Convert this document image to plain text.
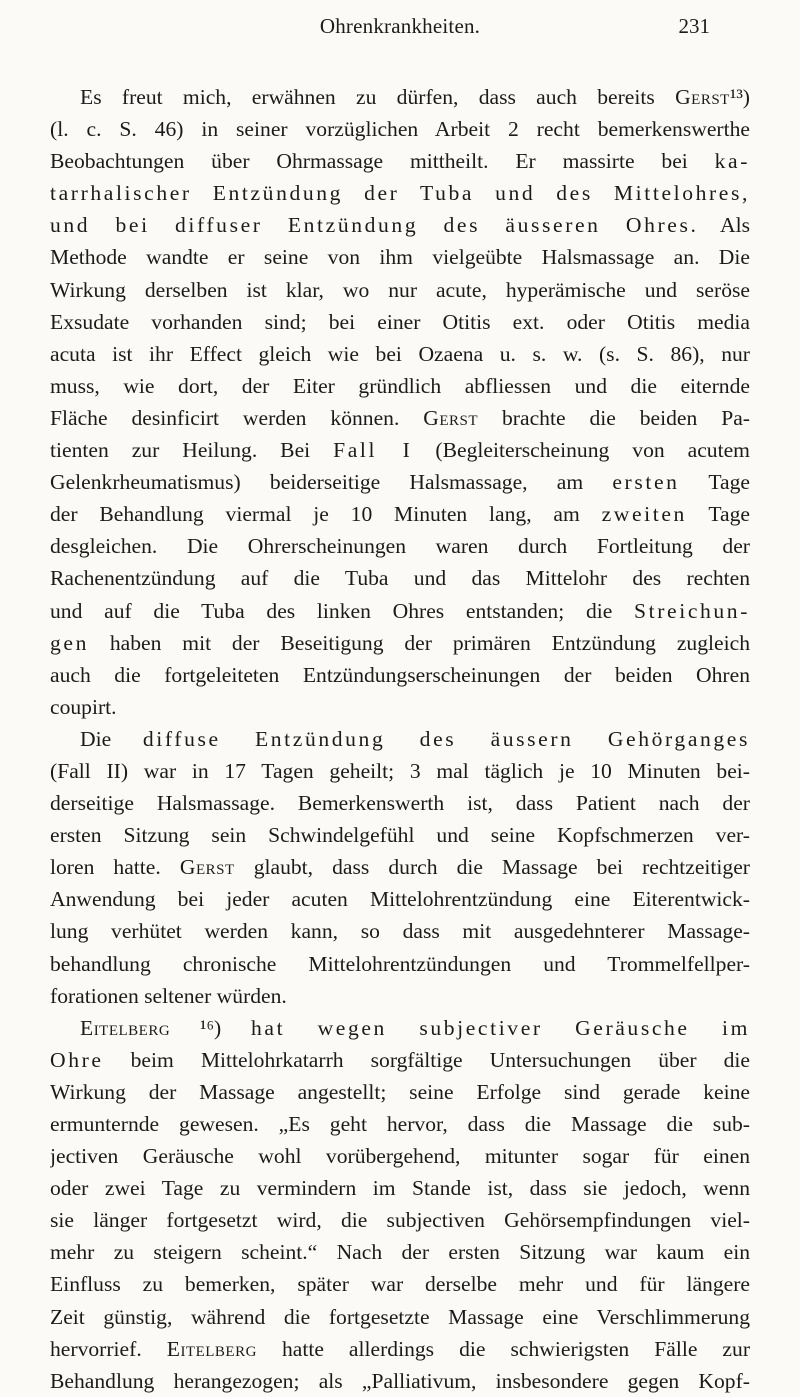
Ohrenkrankheiten.	231
Es freut mich, erwähnen zu dürfen, dass auch bereits Gerst¹³)
(l. c. S. 46) in seiner vorzüglichen Arbeit 2 recht bemerkenswerthe
Beobachtungen über Ohrmassage mittheilt. Er massirte bei ka-
tarrhalischer Entzündung der Tuba und des Mittelohres,
und bei diffuser Entzündung des äusseren Ohres. Als
Methode wandte er seine von ihm vielgeübte Halsmassage an. Die
Wirkung derselben ist klar, wo nur acute, hyperämische und seröse
Exsudate vorhanden sind; bei einer Otitis ext. oder Otitis media
acuta ist ihr Effect gleich wie bei Ozaena u. s. w. (s. S. 86), nur
muss, wie dort, der Eiter gründlich abfliessen und die eiternde
Fläche desinficirt werden können. Gerst brachte die beiden Pa-
tienten zur Heilung. Bei Fall I (Begleiterscheinung von acutem
Gelenkrheumatismus) beiderseitige Halsmassage, am ersten Tage
der Behandlung viermal je 10 Minuten lang, am zweiten Tage
desgleichen. Die Ohrerscheinungen waren durch Fortleitung der
Rachenentzündung auf die Tuba und das Mittelohr des rechten
und auf die Tuba des linken Ohres entstanden; die Streichun-
gen haben mit der Beseitigung der primären Entzündung zugleich
auch die fortgeleiteten Entzündungserscheinungen der beiden Ohren
coupirt.
Die diffuse Entzündung des äussern Gehörganges
(Fall II) war in 17 Tagen geheilt; 3 mal täglich je 10 Minuten bei-
derseitige Halsmassage. Bemerkenswerth ist, dass Patient nach der
ersten Sitzung sein Schwindelgefühl und seine Kopfschmerzen ver-
loren hatte. Gerst glaubt, dass durch die Massage bei rechtzeitiger
Anwendung bei jeder acuten Mittelohrentzündung eine Eiterentwick-
lung verhütet werden kann, so dass mit ausgedehnterer Massage-
behandlung chronische Mittelohrentzündungen und Trommelfellper-
forationen seltener würden.
Eitelberg ¹⁶) hat wegen subjectiver Geräusche im
Ohre beim Mittelohrkatarrh sorgfältige Untersuchungen über die
Wirkung der Massage angestellt; seine Erfolge sind gerade keine
ermunternde gewesen. „Es geht hervor, dass die Massage die sub-
jectiven Geräusche wohl vorübergehend, mitunter sogar für einen
oder zwei Tage zu vermindern im Stande ist, dass sie jedoch, wenn
sie länger fortgesetzt wird, die subjectiven Gehörsempfindungen viel-
mehr zu steigern scheint.“ Nach der ersten Sitzung war kaum ein
Einfluss zu bemerken, später war derselbe mehr und für längere
Zeit günstig, während die fortgesetzte Massage eine Verschlimmerung
hervorrief. Eitelberg hatte allerdings die schwierigsten Fälle zur
Behandlung herangezogen; als „Palliativum, insbesondere gegen Kopf-
